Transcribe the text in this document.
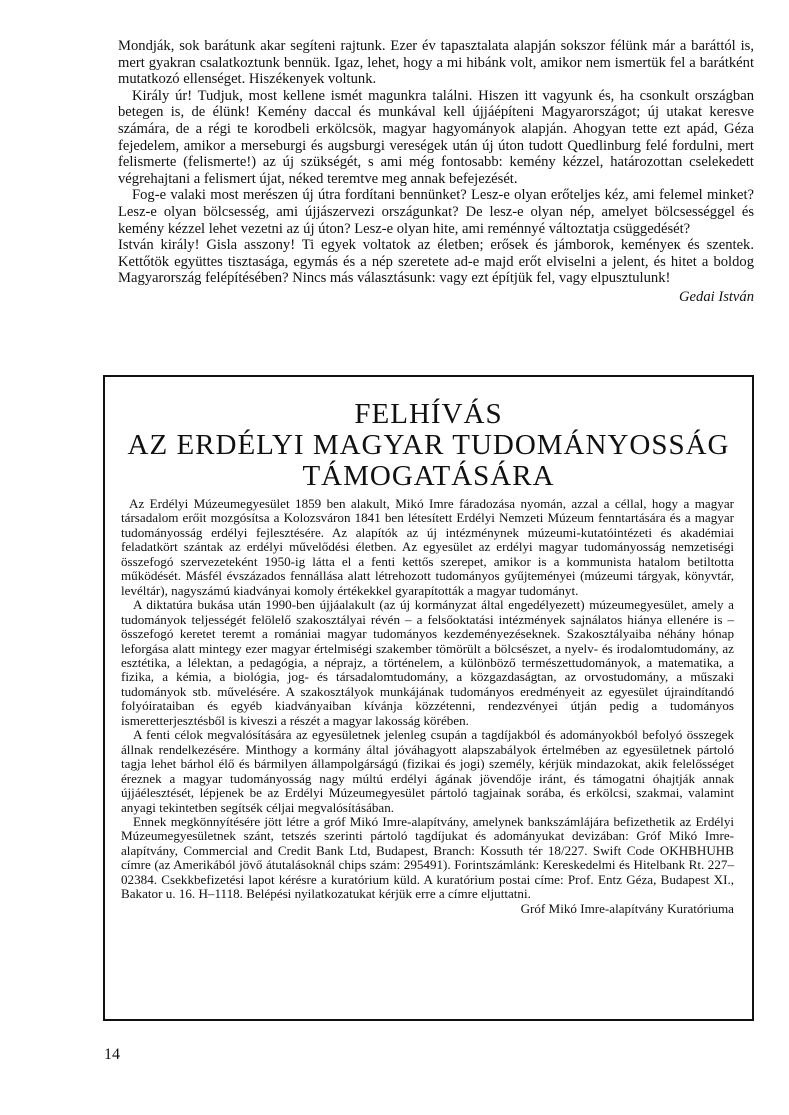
Mondják, sok barátunk akar segíteni rajtunk. Ezer év tapasztalata alapján sokszor félünk már a baráttól is, mert gyakran csalatkoztunk bennük. Igaz, lehet, hogy a mi hibánk volt, amikor nem ismertük fel a barátként mutatkozó ellenséget. Hiszékenyek voltunk.

Király úr! Tudjuk, most kellene ismét magunkra találni. Hiszen itt vagyunk és, ha csonkult országban betegen is, de élünk! Kemény daccal és munkával kell újjáépíteni Magyarországot; új utakat keresve számára, de a régi te korodbeli erkölcsök, magyar hagyományok alapján. Ahogyan tette ezt apád, Géza fejedelem, amikor a merseburgi és augsburgi vereségek után új úton tudott Quedlinburg felé fordulni, mert felismerte (felismerte!) az új szükségét, s ami még fontosabb: kemény kézzel, határozottan cselekedett végrehajtani a felismert újat, néked teremtve meg annak befejezését.

Fog-e valaki most merészen új útra fordítani bennünket? Lesz-e olyan erőteljes kéz, ami felemel minket? Lesz-e olyan bölcsesség, ami újjászervezi országunkat? De lesz-e olyan nép, amelyet bölcsességgel és kemény kézzel lehet vezetni az új úton? Lesz-e olyan hite, ami reménnyé változtatja csüggedését?

István király! Gisla asszony! Ti egyek voltatok az életben; erősek és jámborok, keményeк és szentek. Kettőtök együttes tisztasága, egymás és a nép szeretete ad-e majd erőt elviselni a jelent, és hitet a boldog Magyarország felépítésében? Nincs más választásunk: vagy ezt építjük fel, vagy elpusztulunk!

Gedai István
FELHÍVÁS
AZ ERDÉLYI MAGYAR TUDOMÁNYOSSÁG
TÁMOGATÁSÁRA

Az Erdélyi Múzeumegyesület 1859 ben alakult, Mikó Imre fáradozása nyomán, azzal a céllal, hogy a magyar társadalom erőit mozgósítsa a Kolozsváron 1841 ben létesített Erdélyi Nemzeti Múzeum fenntartására és a magyar tudományosság erdélyi fejlesztésére. Az alapítók az új intézménynek múzeumi-kutatóintézeti és akadémiai feladatkört szántak az erdélyi művelődési életben. Az egyesület az erdélyi magyar tudományosság nemzetiségi összefogó szervezeteként 1950-ig látta el a fenti kettős szerepet, amikor is a kommunista hatalom betiltotta működését. Másfél évszázados fennállása alatt létrehozott tudományos gyűjteményei (múzeumi tárgyak, könyvtár, levéltár), nagyszámú kiadványai komoly értékekkel gyarapították a magyar tudományt.

A diktatúra bukása után 1990-ben újjáalakult (az új kormányzat által engedélyezett) múzeumegyesület, amely a tudományok teljességét felölelő szakosztályai révén – a felsőoktatási intézmények sajnálatos hiánya ellenére is – összefogó keretet teremt a romániai magyar tudományos kezdeményezéseknek. Szakosztályaiba néhány hónap leforgása alatt mintegy ezer magyar értelmiségi szakember tömörült a bölcsészet, a nyelv- és irodalomtudomány, az esztétika, a lélektan, a pedagógia, a néprajz, a történelem, a különböző természettudományok, a matematika, a fizika, a kémia, a biológia, jog- és társadalomtudomány, a közgazdaságtan, az orvostudomány, a műszaki tudományok stb. művelésére. A szakosztályok munkájának tudományos eredményeit az egyesület újraindítandó folyóirataiban és egyéb kiadványaiban kívánja közzétenni, rendezvényei útján pedig a tudományos ismeretterjesztésből is kiveszi a részét a magyar lakosság körében.

A fenti célok megvalósítására az egyesületnek jelenleg csupán a tagdíjakból és adományokból befolyó összegek állnak rendelkezésére. Minthogy a kormány által jóváhagyott alapszabályok értelmében az egyesületnek pártoló tagja lehet bárhol élő és bármilyen állampolgárságú (fizikai és jogi) személy, kérjük mindazokat, akik felelősséget éreznek a magyar tudományosság nagy múltú erdélyi ágának jövendője iránt, és támogatni óhajtják annak újjáélesztését, lépjenek be az Erdélyi Múzeumegyesület pártoló tagjainak sorába, és erkölcsi, szakmai, valamint anyagi tekintetben segítsék céljai megvalósításában.

Ennek megkönnyítésére jött létre a gróf Mikó Imre-alapítvány, amelynek bankszámlájára befizethetik az Erdélyi Múzeumegyesületnek szánt, tetszés szerinti pártoló tagdíjukat és adományukat devizában: Gróf Mikó Imre-alapítvány, Commercial and Credit Bank Ltd, Budapest, Branch: Kossuth tér 18/227. Swift Code OKHBHUHB címre (az Amerikából jövő átutalásoknál chips szám: 295491). Forintszámlánk: Kereskedelmi és Hitelbank Rt. 227–02384. Csekkbefizetési lapot kérésre a kuratórium küld. A kuratórium postai címe: Prof. Entz Géza, Budapest XI., Bakator u. 16. H–1118. Belépési nyilatkozatukat kérjük erre a címre eljuttatni.

Gróf Mikó Imre-alapítvány Kuratóriuma
14
